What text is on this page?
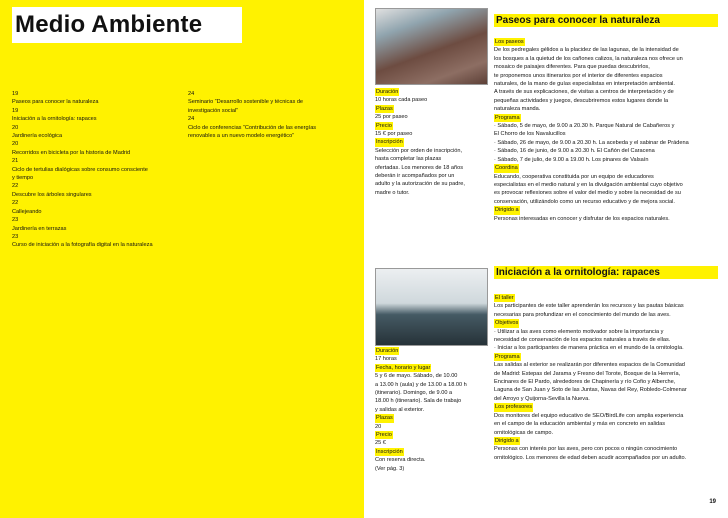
Medio Ambiente
19
Paseos para conocer la naturaleza
19
Iniciación a la ornitología: rapaces
20
Jardinería ecológica
20
Recorridos en bicicleta por la historia de Madrid
21
Ciclo de tertulias dialógicas sobre consumo consciente
y tiempo
22
Descubre los árboles singulares
22
Callejeando
23
Jardinería en terrazas
23
Curso de iniciación a la fotografía digital en la naturaleza
24
Seminario “Desarrollo sostenible y técnicas de
investigación social”
24
Ciclo de conferencias “Contribución de las energías
renovables a un nuevo modelo energético”
Paseos para conocer la naturaleza
Duración
10 horas cada paseo
Plazas
25 por paseo
Precio
15 € por paseo
Inscripción
Selección por orden de inscripción,
hasta completar las plazas
ofertadas. Los menores de 18 años
deberán ir acompañados por un
adulto y la autorización de su padre,
madre o tutor.
Los paseos
De los pedregales gélidos a la placidez de las lagunas, de la intensidad de
los bosques a la quietud de los cañones calizos, la naturaleza nos ofrece un
mosaico de paisajes diferentes. Para que puedas descubrirlos,
te proponemos unos itinerarios por el interior de diferentes espacios
naturales, de la mano de guías especialistas en interpretación ambiental.
A través de sus explicaciones, de visitas a centros de interpretación y de
pequeñas actividades y juegos, descubriremos estos lugares donde la
naturaleza manda.
Programa
· Sábado, 5 de mayo, de 9.00 a 20.30 h. Parque Natural de Cabañeros y
El Chorro de los Navalucillos
· Sábado, 26 de mayo, de 9.00 a 20.30 h. La acebeda y el sabinar de Prádena
· Sábado, 16 de junio, de 9.00 a 20.30 h. El Cañón del Caracena
· Sábado, 7 de julio, de 9.00 a 19.00 h. Los pinares de Valsaín
Coordina
Educando, cooperativa constituida por un equipo de educadores
especialistas en el medio natural y en la divulgación ambiental cuyo objetivo
es provocar reflexiones sobre el valor del medio y sobre la necesidad de su
conservación, utilizándolo como un recurso educativo y de mejora social.
Dirigido a
Personas interesadas en conocer y disfrutar de los espacios naturales.
Iniciación a la ornitología: rapaces
Duración
17 horas
Fecha, horario y lugar
5 y 6 de mayo. Sábado, de 10.00
a 13.00 h (aula) y de 13.00 a 18.00 h
(itinerario). Domingo, de 9.00 a
18.00 h (itinerario). Sala de trabajo
y salidas al exterior.
Plazas
20
Precio
25 €
Inscripción
Con reserva directa.
(Ver pág. 3)
El taller
Los participantes de este taller aprenderán los recursos y las pautas básicas
necesarias para profundizar en el conocimiento del mundo de las aves.
Objetivos
· Utilizar a las aves como elemento motivador sobre la importancia y
necesidad de conservación de los espacios naturales a través de ellas.
· Iniciar a los participantes de manera práctica en el mundo de la ornitología.
Programa
Las salidas al exterior se realizarán por diferentes espacios de la Comunidad
de Madrid: Estepas del Jarama y Fresno del Torote, Bosque de la Herrería,
Encinares de El Pardo, alrededores de Chapinería y río Cofio y Alberche,
Laguna de San Juan y Soto de las Juntas, Navas del Rey, Robledo-Colmenar
del Arroyo y Quijorna-Sevilla la Nueva.
Los profesores
Dos monitores del equipo educativo de SEO/BirdLife con amplia experiencia
en el campo de la educación ambiental y más en concreto en salidas
ornitológicas de campo.
Dirigido a
Personas con interés por las aves, pero con pocos o ningún conocimiento
ornitológico. Los menores de edad deben acudir acompañados por un adulto.
19
